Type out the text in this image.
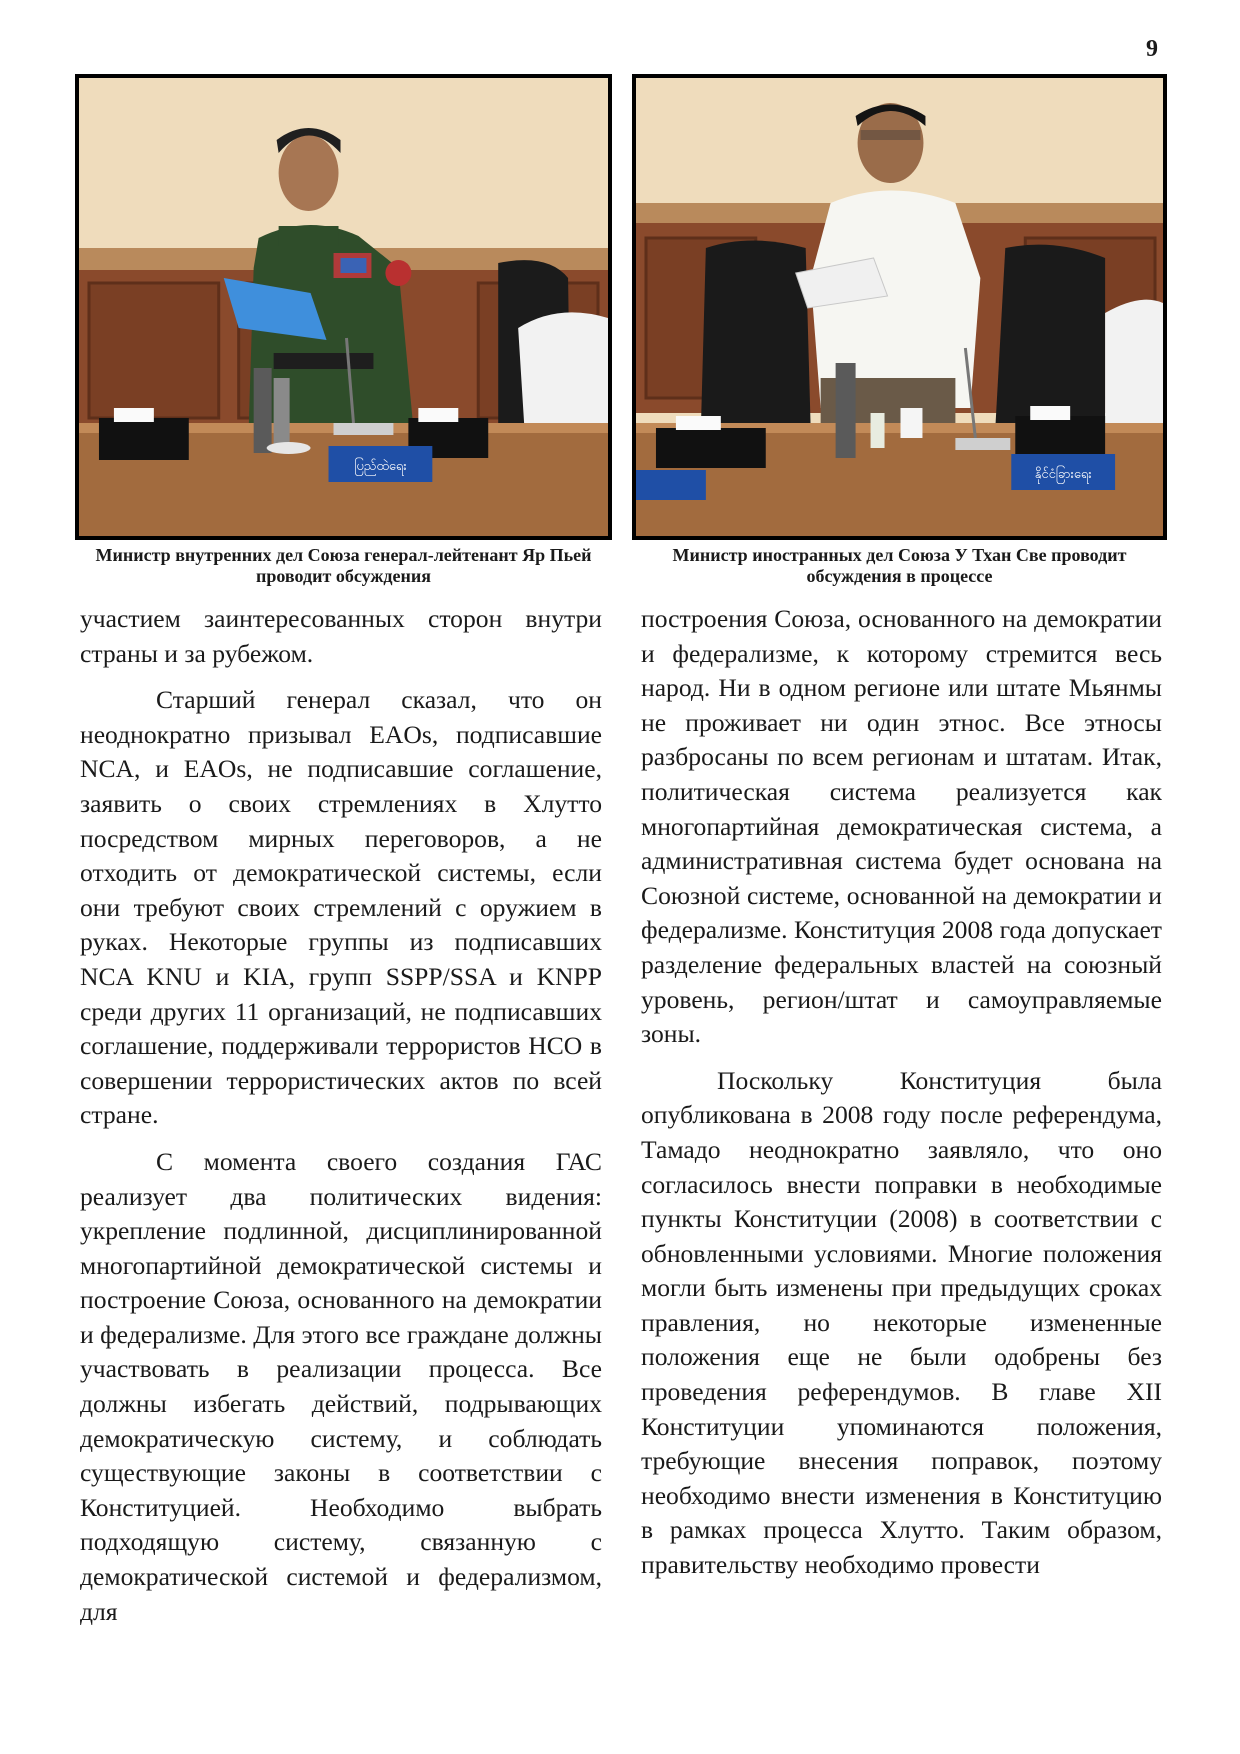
9
ပြည်ထဲရေး
နိုင်ငံခြားရေး
Министр внутренних дел Союза генерал-лейтенант Яр Пьей проводит обсуждения
Министр иностранных дел Союза У Тхан Све проводит обсуждения в процессе

участием заинтересованных сторон внутри страны и за рубежом.

Старший генерал сказал, что он неоднократно призывал EAOs, подписавшие NCA, и EAOs, не подписавшие соглашение, заявить о своих стремлениях в Хлутто посредством мирных переговоров, а не отходить от демократической системы, если они требуют своих стремлений с оружием в руках. Некоторые группы из подписавших NCA KNU и KIA, групп SSPP/SSA и KNPP среди других 11 организаций, не подписавших соглашение, поддерживали террористов НСО в совершении террористических актов по всей стране.

С момента своего создания ГАС реализует два политических видения: укрепление подлинной, дисциплинированной многопартийной демократической системы и построение Союза, основанного на демократии и федерализме. Для этого все граждане должны участвовать в реализации процесса. Все должны избегать действий, подрывающих демократическую систему, и соблюдать существующие законы в соответствии с Конституцией. Необходимо выбрать подходящую систему, связанную с демократической системой и федерализмом, для

построения Союза, основанного на демократии и федерализме, к которому стремится весь народ. Ни в одном регионе или штате Мьянмы не проживает ни один этнос. Все этносы разбросаны по всем регионам и штатам. Итак, политическая система реализуется как многопартийная демократическая система, а административная система будет основана на Союзной системе, основанной на демократии и федерализме. Конституция 2008 года допускает разделение федеральных властей на союзный уровень, регион/штат и самоуправляемые зоны.

Поскольку Конституция была опубликована в 2008 году после референдума, Тамадо неоднократно заявляло, что оно согласилось внести поправки в необходимые пункты Конституции (2008) в соответствии с обновленными условиями. Многие положения могли быть изменены при предыдущих сроках правления, но некоторые измененные положения еще не были одобрены без проведения референдумов. В главе XII Конституции упоминаются положения, требующие внесения поправок, поэтому необходимо внести изменения в Конституцию в рамках процесса Хлутто. Таким образом, правительству необходимо провести
